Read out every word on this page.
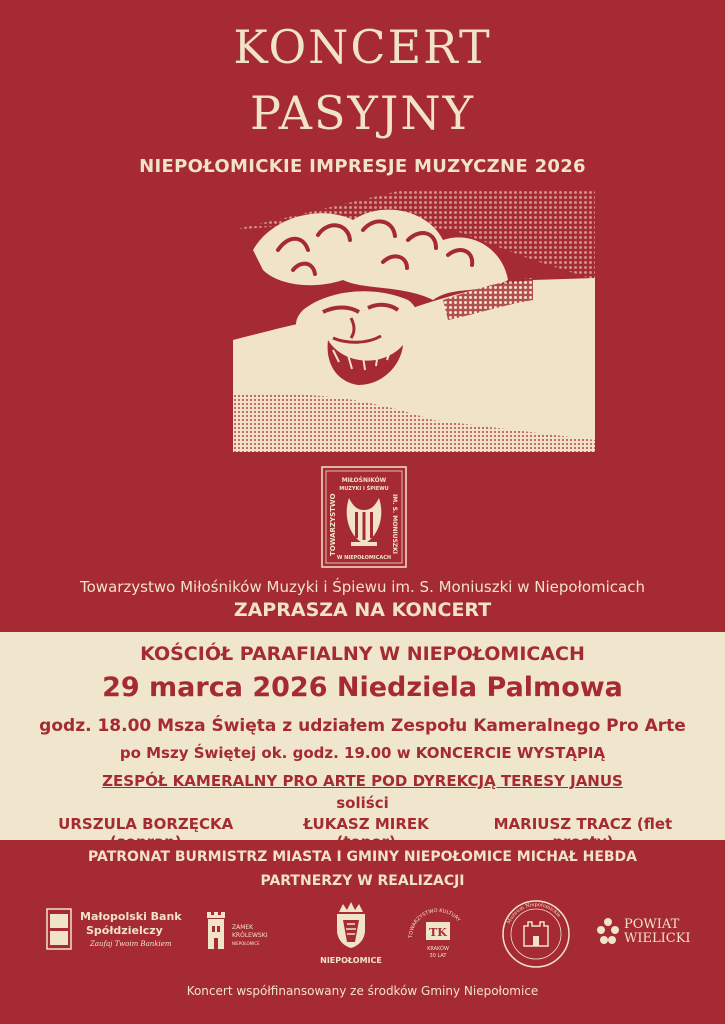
KONCERT
PASYJNY
NIEPOŁOMICKIE IMPRESJE MUZYCZNE 2026
MIŁOŚNIKÓW
MUZYKI I ŚPIEWU
TOWARZYSTWO	IM. S. MONIUSZKI
W NIEPOŁOMICACH
Towarzystwo Miłośników Muzyki i Śpiewu im. S. Moniuszki w Niepołomicach
ZAPRASZA NA KONCERT
KOŚCIÓŁ PARAFIALNY W NIEPOŁOMICACH
29 marca 2026 Niedziela Palmowa
godz. 18.00 Msza Święta z udziałem Zespołu Kameralnego Pro Arte
po Mszy Świętej ok. godz. 19.00 w KONCERCIE WYSTĄPIĄ
ZESPÓŁ KAMERALNY PRO ARTE POD DYREKCJĄ TERESY JANUS
soliści
URSZULA BORZĘCKA (sopran)
ŁUKASZ MIREK (tenor)
MARIUSZ TRACZ (flet prosty)
PATRONAT BURMISTRZ MIASTA I GMINY NIEPOŁOMICE MICHAŁ HEBDA
PARTNERZY W REALIZACJI
Małopolski Bank
Spółdzielczy
Zaufaj Twoim Bankiem
ZAMEK
KRÓLEWSKI
NIEPOŁOMICE
NIEPOŁOMICE
TOWARZYSTWO KULTURY
TK
KRAKÓW
30 LAT
Muzeum Niepołomickie
POWIAT
WIELICKI
Koncert współfinansowany ze środków Gminy Niepołomice
